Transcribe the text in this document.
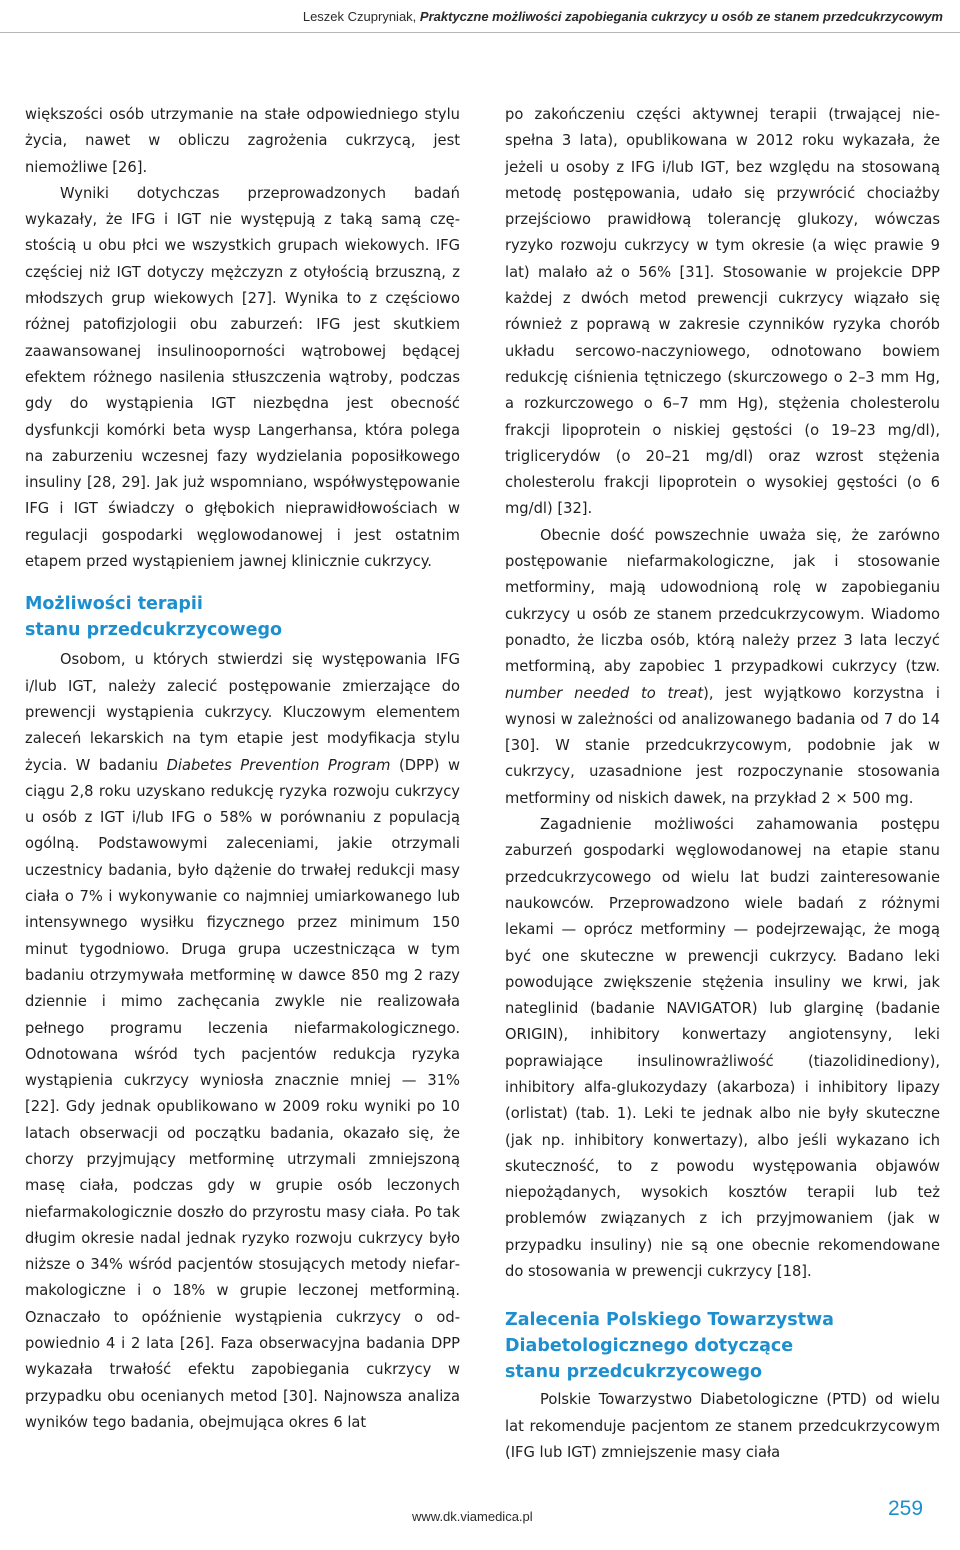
Leszek Czupryniak, Praktyczne możliwości zapobiegania cukrzycy u osób ze stanem przedcukrzycowym

większości osób utrzymanie na stałe odpowiedniego stylu życia, nawet w obliczu zagrożenia cukrzycą, jest niemożliwe [26].

Wyniki dotychczas przeprowadzonych badań wykazały, że IFG i IGT nie występują z taką samą częstością u obu płci we wszystkich grupach wiekowych. IFG częściej niż IGT dotyczy mężczyzn z otyłością brzuszną, z młodszych grup wiekowych [27]. Wynika to z częściowo różnej patofizjologii obu zaburzeń: IFG jest skutkiem zaawansowanej insulinooporności wątrobowej będącej efektem różnego nasilenia stłuszczenia wątroby, podczas gdy do wystąpienia IGT niezbędna jest obecność dysfunkcji komórki beta wysp Langerhansa, która polega na zaburzeniu wczesnej fazy wydzielania poposiłkowego insuliny [28, 29]. Jak już wspomniano, współwystępowanie IFG i IGT świadczy o głębokich nieprawidłowościach w regulacji gospodarki węglowodanowej i jest ostatnim etapem przed wystąpieniem jawnej klinicznie cukrzycy.

Możliwości terapii
stanu przedcukrzycowego

Osobom, u których stwierdzi się występowania IFG i/lub IGT, należy zalecić postępowanie zmierzające do prewencji wystąpienia cukrzycy. Kluczowym elementem zaleceń lekarskich na tym etapie jest modyfikacja stylu życia. W badaniu Diabetes Prevention Program (DPP) w ciągu 2,8 roku uzyskano redukcję ryzyka rozwoju cukrzycy u osób z IGT i/lub IFG o 58% w porównaniu z populacją ogólną. Podstawowymi zaleceniami, jakie otrzymali uczestnicy badania, było dążenie do trwałej redukcji masy ciała o 7% i wykonywanie co najmniej umiarkowanego lub intensywnego wysiłku fizycznego przez minimum 150 minut tygodniowo. Druga grupa uczestnicząca w tym badaniu otrzymywała metforminę w dawce 850 mg 2 razy dziennie i mimo zachęcania zwykle nie realizowała pełnego programu leczenia niefarmakologicznego. Odnotowana wśród tych pacjentów redukcja ryzyka wystąpienia cukrzycy wyniosła znacznie mniej — 31% [22]. Gdy jednak opublikowano w 2009 roku wyniki po 10 latach obserwacji od początku badania, okazało się, że chorzy przyjmujący metforminę utrzymali zmniejszoną masę ciała, podczas gdy w grupie osób leczonych niefarmakologicznie doszło do przyrostu masy ciała. Po tak długim okresie nadal jednak ryzyko rozwoju cukrzycy było niższe o 34% wśród pacjentów stosujących metody niefarmakologiczne i o 18% w grupie leczonej metforminą. Oznaczało to opóźnienie wystąpienia cukrzycy o odpowiednio 4 i 2 lata [26]. Faza obserwacyjna badania DPP wykazała trwałość efektu zapobiegania cukrzycy w przypadku obu ocenianych metod [30]. Najnowsza analiza wyników tego badania, obejmująca okres 6 lat

po zakończeniu części aktywnej terapii (trwającej niespełna 3 lata), opublikowana w 2012 roku wykazała, że jeżeli u osoby z IFG i/lub IGT, bez względu na stosowaną metodę postępowania, udało się przywrócić chociażby przejściowo prawidłową tolerancję glukozy, wówczas ryzyko rozwoju cukrzycy w tym okresie (a więc prawie 9 lat) malało aż o 56% [31]. Stosowanie w projekcie DPP każdej z dwóch metod prewencji cukrzycy wiązało się również z poprawą w zakresie czynników ryzyka chorób układu sercowo-naczyniowego, odnotowano bowiem redukcję ciśnienia tętniczego (skurczowego o 2–3 mm Hg, a rozkurczowego o 6–7 mm Hg), stężenia cholesterolu frakcji lipoprotein o niskiej gęstości (o 19–23 mg/dl), triglicerydów (o 20–21 mg/dl) oraz wzrost stężenia cholesterolu frakcji lipoprotein o wysokiej gęstości (o 6 mg/dl) [32].

Obecnie dość powszechnie uważa się, że zarówno postępowanie niefarmakologiczne, jak i stosowanie metforminy, mają udowodnioną rolę w zapobieganiu cukrzycy u osób ze stanem przedcukrzycowym. Wiadomo ponadto, że liczba osób, którą należy przez 3 lata leczyć metforminą, aby zapobiec 1 przypadkowi cukrzycy (tzw. number needed to treat), jest wyjątkowo korzystna i wynosi w zależności od analizowanego badania od 7 do 14 [30]. W stanie przedcukrzycowym, podobnie jak w cukrzycy, uzasadnione jest rozpoczynanie stosowania metforminy od niskich dawek, na przykład 2 × 500 mg.

Zagadnienie możliwości zahamowania postępu zaburzeń gospodarki węglowodanowej na etapie stanu przedcukrzycowego od wielu lat budzi zainteresowanie naukowców. Przeprowadzono wiele badań z różnymi lekami — oprócz metforminy — podejrzewając, że mogą być one skuteczne w prewencji cukrzycy. Badano leki powodujące zwiększenie stężenia insuliny we krwi, jak nateglinid (badanie NAVIGATOR) lub glarginę (badanie ORIGIN), inhibitory konwertazy angiotensyny, leki poprawiające insulinowrażliwość (tiazolidinediony), inhibitory alfa-glukozydazy (akarboza) i inhibitory lipazy (orlistat) (tab. 1). Leki te jednak albo nie były skuteczne (jak np. inhibitory konwertazy), albo jeśli wykazano ich skuteczność, to z powodu występowania objawów niepożądanych, wysokich kosztów terapii lub też problemów związanych z ich przyjmowaniem (jak w przypadku insuliny) nie są one obecnie rekomendowane do stosowania w prewencji cukrzycy [18].

Zalecenia Polskiego Towarzystwa
Diabetologicznego dotyczące
stanu przedcukrzycowego

Polskie Towarzystwo Diabetologiczne (PTD) od wielu lat rekomenduje pacjentom ze stanem przedcukrzycowym (IFG lub IGT) zmniejszenie masy ciała

www.dk.viamedica.pl	259
